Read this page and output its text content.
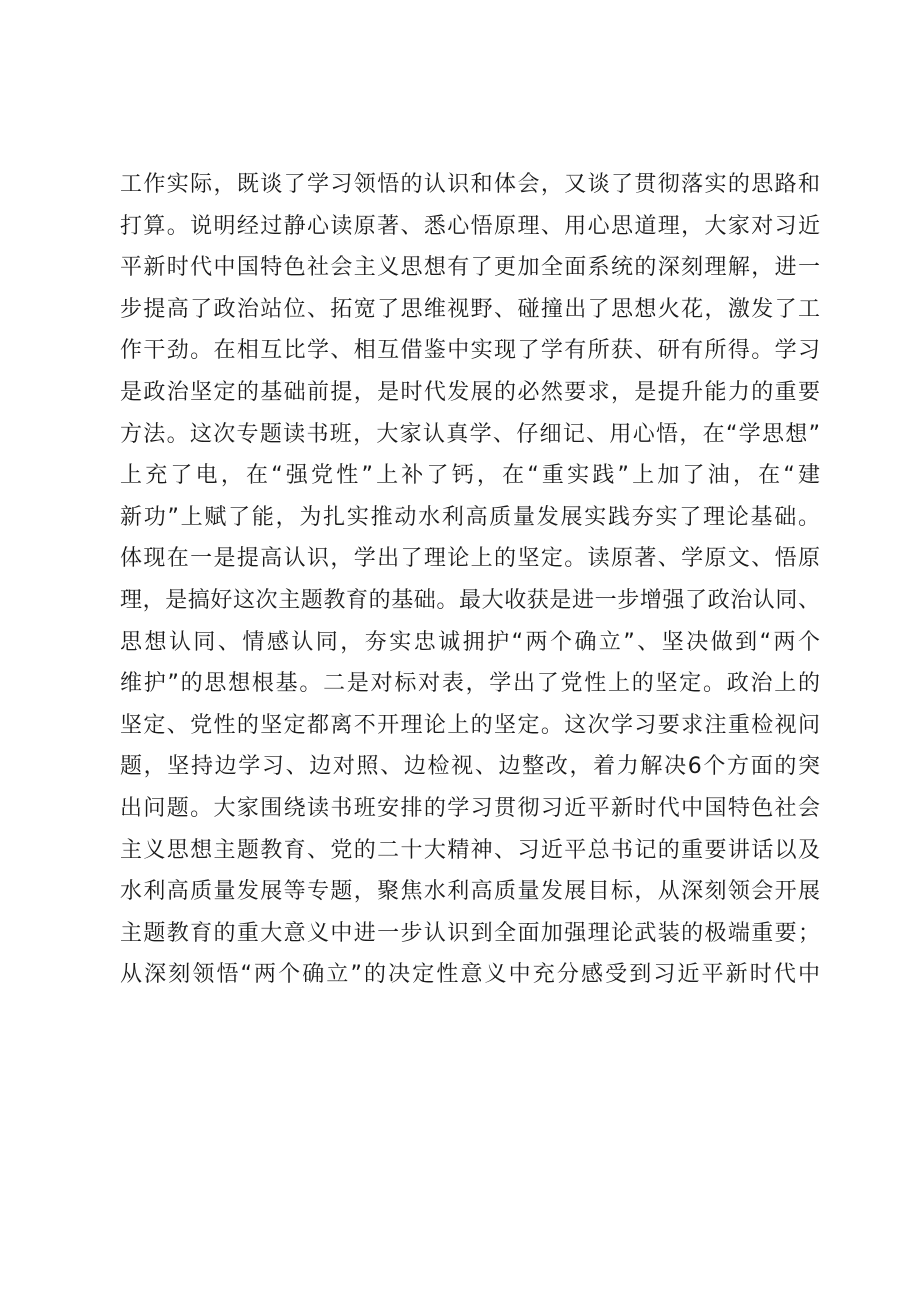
工作实际，既谈了学习领悟的认识和体会，又谈了贯彻落实的思路和
打算。说明经过静心读原著、悉心悟原理、用心思道理，大家对习近
平新时代中国特色社会主义思想有了更加全面系统的深刻理解，进一
步提高了政治站位、拓宽了思维视野、碰撞出了思想火花，激发了工
作干劲。在相互比学、相互借鉴中实现了学有所获、研有所得。学习
是政治坚定的基础前提，是时代发展的必然要求，是提升能力的重要
方法。这次专题读书班，大家认真学、仔细记、用心悟，在“学思想”
上充了电，在“强党性”上补了钙，在“重实践”上加了油，在“建
新功”上赋了能，为扎实推动水利高质量发展实践夯实了理论基础。
体现在一是提高认识，学出了理论上的坚定。读原著、学原文、悟原
理，是搞好这次主题教育的基础。最大收获是进一步增强了政治认同、
思想认同、情感认同，夯实忠诚拥护“两个确立”、坚决做到“两个
维护”的思想根基。二是对标对表，学出了党性上的坚定。政治上的
坚定、党性的坚定都离不开理论上的坚定。这次学习要求注重检视问
题，坚持边学习、边对照、边检视、边整改，着力解决6个方面的突
出问题。大家围绕读书班安排的学习贯彻习近平新时代中国特色社会
主义思想主题教育、党的二十大精神、习近平总书记的重要讲话以及
水利高质量发展等专题，聚焦水利高质量发展目标，从深刻领会开展
主题教育的重大意义中进一步认识到全面加强理论武装的极端重要；
从深刻领悟“两个确立”的决定性意义中充分感受到习近平新时代中
